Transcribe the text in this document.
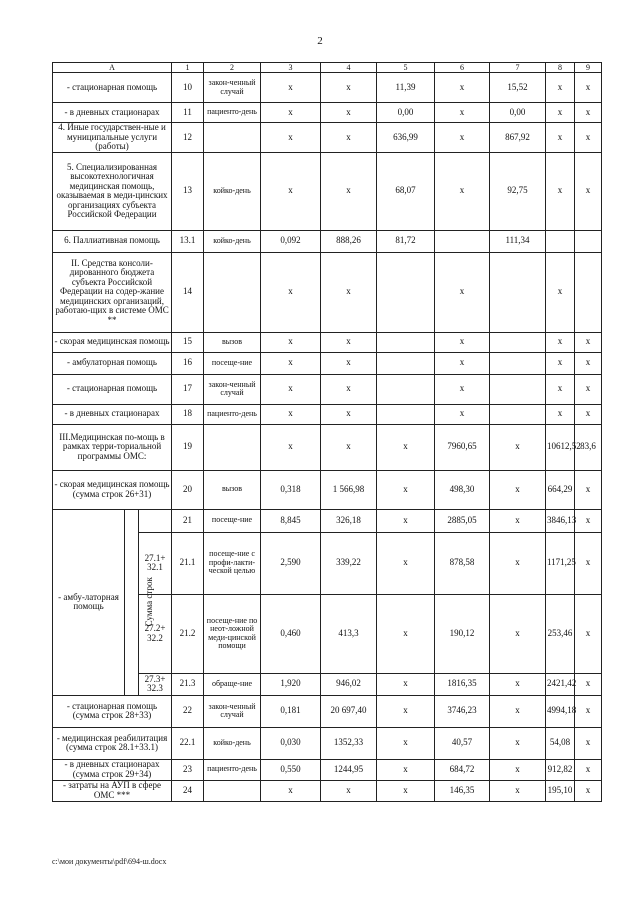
2
А			1	2	3	4	5	6	7	8	9
- стационарная помощь			10	закон-ченный случай	х	х	11,39	х	15,52	х	х
- в дневных стационарах			11	пациенто-день	х	х	0,00	х	0,00	х	х
4. Иные государствен-ные и муниципальные услуги (работы)			12		х	х	636,99	х	867,92	х	х
5. Специализированная высокотехнологичная медицинская помощь, оказываемая в меди-цинских организациях субъекта Российской Федерации			13	койко-день	х	х	68,07	х	92,75	х	х
6. Паллиативная помощь			13.1	койко-день	0,092	888,26	81,72		111,34		
II. Средства консоли-дированного бюджета субъекта Российской Федерации на содер-жание медицинских организаций, работаю-щих в системе ОМС **			14		х	х		х		х	
- скорая медицинская помощь			15	вызов	х	х		х		х	х
- амбулаторная помощь			16	посеще-ние	х	х		х		х	х
- стационарная помощь			17	закон-ченный случай	х	х		х		х	х
- в дневных стационарах			18	пациенто-день	х	х		х		х	х
III.Медицинская по-мощь в рамках терри-ториальной программы ОМС:			19		х	х	х	7960,65	х	10612,52	83,6
- скорая медицинская помощь (сумма строк 26+31)			20	вызов	0,318	1 566,98	х	498,30	х	664,29	х
- амбу-латорная помощь	Сумма строк		21	посеще-ние	8,845	326,18	х	2885,05	х	3846,13	х
		27.1+ 32.1	21.1	посеще-ние с профи-лакти-ческой целью	2,590	339,22	х	878,58	х	1171,25	х
		27.2+ 32.2	21.2	посеще-ние по неот-ложной меди-цинской помощи	0,460	413,3	х	190,12	х	253,46	х
		27.3+ 32.3	21.3	обраще-ние	1,920	946,02	х	1816,35	х	2421,42	х
- стационарная помощь (сумма строк 28+33)			22	закон-ченный случай	0,181	20 697,40	х	3746,23	х	4994,18	х
- медицинская реабилитация (сумма строк 28.1+33.1)			22.1	койко-день	0,030	1352,33	х	40,57	х	54,08	х
- в дневных стационарах (сумма строк 29+34)			23	пациенто-день	0,550	1244,95	х	684,72	х	912,82	х
- затраты на АУП в сфере ОМС ***			24		х	х	х	146,35	х	195,10	х
c:\мои документы\pdf\694-ш.docx
